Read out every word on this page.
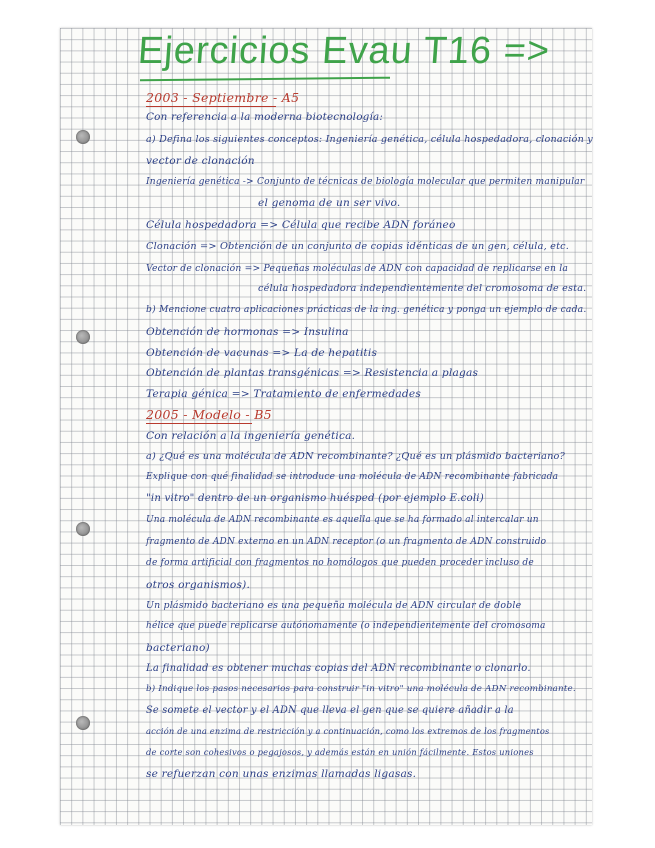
Ejercicios Evau T16 =>
2003 - Septiembre - A5
Con referencia a la moderna biotecnología:
a) Defina los siguientes conceptos: Ingeniería genética, célula hospedadora, clonación y
vector de clonación
Ingeniería genética -> Conjunto de técnicas de biología molecular que permiten manipular
el genoma de un ser vivo.
Célula hospedadora => Célula que recibe ADN foráneo
Clonación => Obtención de un conjunto de copias idénticas de un gen, célula, etc.
Vector de clonación => Pequeñas moléculas de ADN con capacidad de replicarse en la
célula hospedadora independientemente del cromosoma de esta.
b) Mencione cuatro aplicaciones prácticas de la ing. genética y ponga un ejemplo de cada.
Obtención de hormonas => Insulina
Obtención de vacunas => La de hepatitis
Obtención de plantas transgénicas => Resistencia a plagas
Terapia génica => Tratamiento de enfermedades
2005 - Modelo - B5
Con relación a la ingeniería genética.
a) ¿Qué es una molécula de ADN recombinante? ¿Qué es un plásmido bacteriano?
Explique con qué finalidad se introduce una molécula de ADN recombinante fabricada
"in vitro" dentro de un organismo huésped (por ejemplo E.coli)
Una molécula de ADN recombinante es aquella que se ha formado al intercalar un
fragmento de ADN externo en un ADN receptor (o un fragmento de ADN construido
de forma artificial con fragmentos no homólogos que pueden proceder incluso de
otros organismos).
Un plásmido bacteriano es una pequeña molécula de ADN circular de doble
hélice que puede replicarse autónomamente (o independientemente del cromosoma
bacteriano)
La finalidad es obtener muchas copias del ADN recombinante o clonarlo.
b) Indique los pasos necesarios para construir "in vitro" una molécula de ADN recombinante.
Se somete el vector y el ADN que lleva el gen que se quiere añadir a la
acción de una enzima de restricción y a continuación, como los extremos de los fragmentos
de corte son cohesivos o pegajosos, y además están en unión fácilmente. Estos uniones
se refuerzan con unas enzimas llamadas ligasas.
